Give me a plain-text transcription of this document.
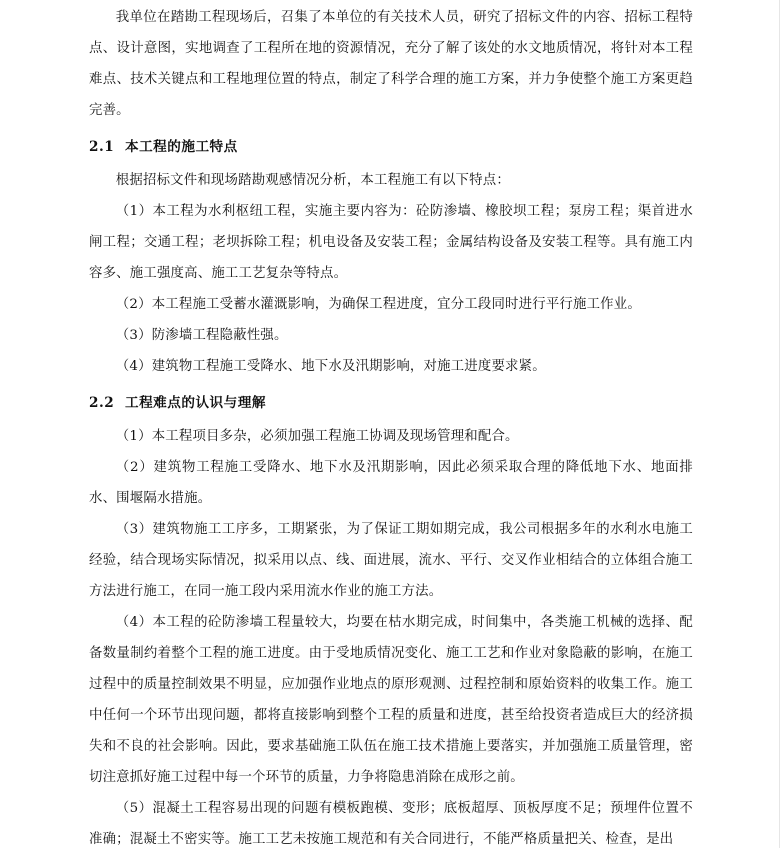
我单位在踏勘工程现场后，召集了本单位的有关技术人员，研究了招标文件的内容、招标工程特点、设计意图，实地调查了工程所在地的资源情况，充分了解了该处的水文地质情况，将针对本工程难点、技术关键点和工程地理位置的特点，制定了科学合理的施工方案，并力争使整个施工方案更趋完善。

2.1 本工程的施工特点

根据招标文件和现场踏勘观感情况分析，本工程施工有以下特点：

（1）本工程为水利枢纽工程，实施主要内容为：砼防渗墙、橡胶坝工程；泵房工程；渠首进水闸工程；交通工程；老坝拆除工程；机电设备及安装工程；金属结构设备及安装工程等。具有施工内容多、施工强度高、施工工艺复杂等特点。

（2）本工程施工受蓄水灌溉影响，为确保工程进度，宜分工段同时进行平行施工作业。

（3）防渗墙工程隐蔽性强。

（4）建筑物工程施工受降水、地下水及汛期影响，对施工进度要求紧。

2.2 工程难点的认识与理解

（1）本工程项目多杂，必须加强工程施工协调及现场管理和配合。

（2）建筑物工程施工受降水、地下水及汛期影响，因此必须采取合理的降低地下水、地面排水、围堰隔水措施。

（3）建筑物施工工序多，工期紧张，为了保证工期如期完成，我公司根据多年的水利水电施工经验，结合现场实际情况，拟采用以点、线、面进展，流水、平行、交叉作业相结合的立体组合施工方法进行施工，在同一施工段内采用流水作业的施工方法。

（4）本工程的砼防渗墙工程量较大，均要在枯水期完成，时间集中，各类施工机械的选择、配备数量制约着整个工程的施工进度。由于受地质情况变化、施工工艺和作业对象隐蔽的影响，在施工过程中的质量控制效果不明显，应加强作业地点的原形观测、过程控制和原始资料的收集工作。施工中任何一个环节出现问题，都将直接影响到整个工程的质量和进度，甚至给投资者造成巨大的经济损失和不良的社会影响。因此，要求基础施工队伍在施工技术措施上要落实，并加强施工质量管理，密切注意抓好施工过程中每一个环节的质量，力争将隐患消除在成形之前。

（5）混凝土工程容易出现的问题有模板跑模、变形；底板超厚、顶板厚度不足；预埋件位置不准确；混凝土不密实等。施工工艺未按施工规范和有关合同进行，不能严格质量把关、检查，是出
